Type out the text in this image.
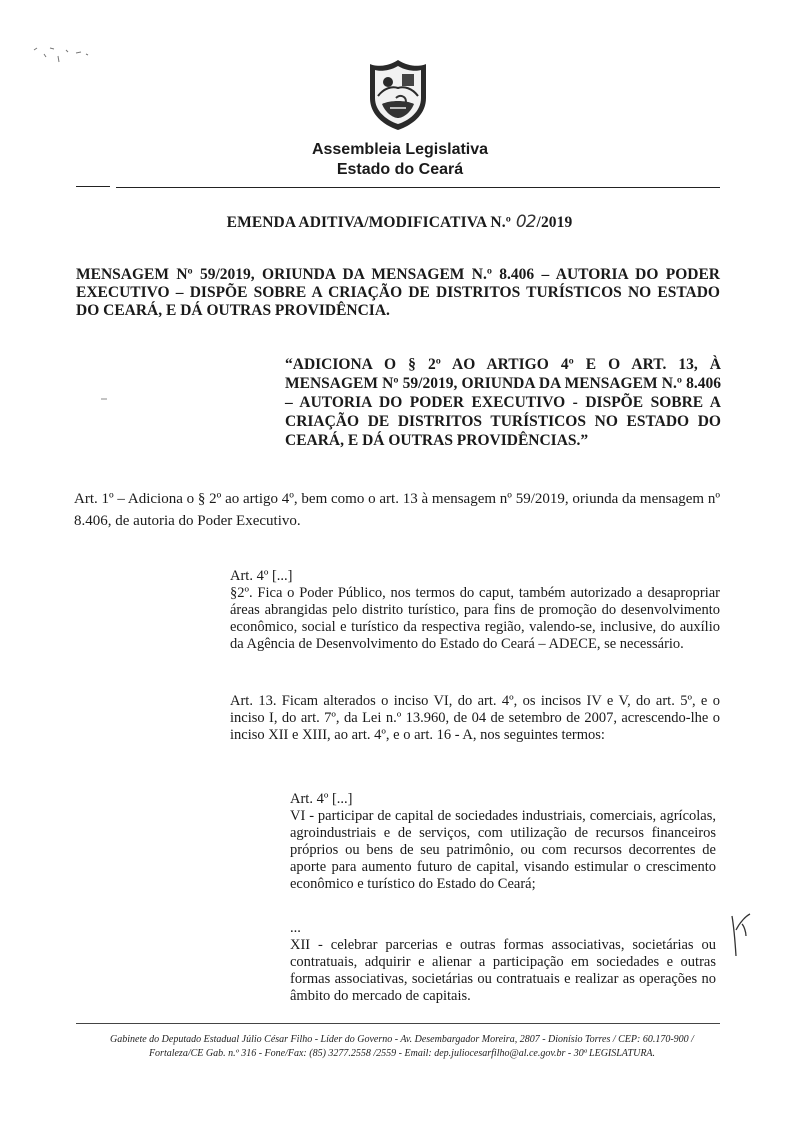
Assembleia Legislativa
Estado do Ceará
EMENDA ADITIVA/MODIFICATIVA N.º 02/2019
MENSAGEM Nº 59/2019, ORIUNDA DA MENSAGEM N.º 8.406 – AUTORIA DO PODER EXECUTIVO – DISPÕE SOBRE A CRIAÇÃO DE DISTRITOS TURÍSTICOS NO ESTADO DO CEARÁ, E DÁ OUTRAS PROVIDÊNCIA.
“ADICIONA O § 2º AO ARTIGO 4º E O ART. 13, À MENSAGEM Nº 59/2019, ORIUNDA DA MENSAGEM N.º 8.406 – AUTORIA DO PODER EXECUTIVO - DISPÕE SOBRE A CRIAÇÃO DE DISTRITOS TURÍSTICOS NO ESTADO DO CEARÁ, E DÁ OUTRAS PROVIDÊNCIAS.”
Art. 1º – Adiciona o § 2º ao artigo 4º, bem como o art. 13 à mensagem nº 59/2019, oriunda da mensagem nº 8.406, de autoria do Poder Executivo.
Art. 4º [...]
§2º. Fica o Poder Público, nos termos do caput, também autorizado a desapropriar áreas abrangidas pelo distrito turístico, para fins de promoção do desenvolvimento econômico, social e turístico da respectiva região, valendo-se, inclusive, do auxílio da Agência de Desenvolvimento do Estado do Ceará – ADECE, se necessário.
Art. 13. Ficam alterados o inciso VI, do art. 4º, os incisos IV e V, do art. 5º, e o inciso I, do art. 7º, da Lei n.º 13.960, de 04 de setembro de 2007, acrescendo-lhe o inciso XII e XIII, ao art. 4º, e o art. 16 - A, nos seguintes termos:
Art. 4º [...]
VI - participar de capital de sociedades industriais, comerciais, agrícolas, agroindustriais e de serviços, com utilização de recursos financeiros próprios ou bens de seu patrimônio, ou com recursos decorrentes de aporte para aumento futuro de capital, visando estimular o crescimento econômico e turístico do Estado do Ceará;
...
XII - celebrar parcerias e outras formas associativas, societárias ou contratuais, adquirir e alienar a participação em sociedades e outras formas associativas, societárias ou contratuais e realizar as operações no âmbito do mercado de capitais.
Gabinete do Deputado Estadual Júlio César Filho - Líder do Governo - Av. Desembargador Moreira, 2807 - Dionísio Torres / CEP: 60.170-900 /
Fortaleza/CE Gab. n.º 316 - Fone/Fax: (85) 3277.2558 /2559 - Email: dep.juliocesarfilho@al.ce.gov.br - 30ª LEGISLATURA.
